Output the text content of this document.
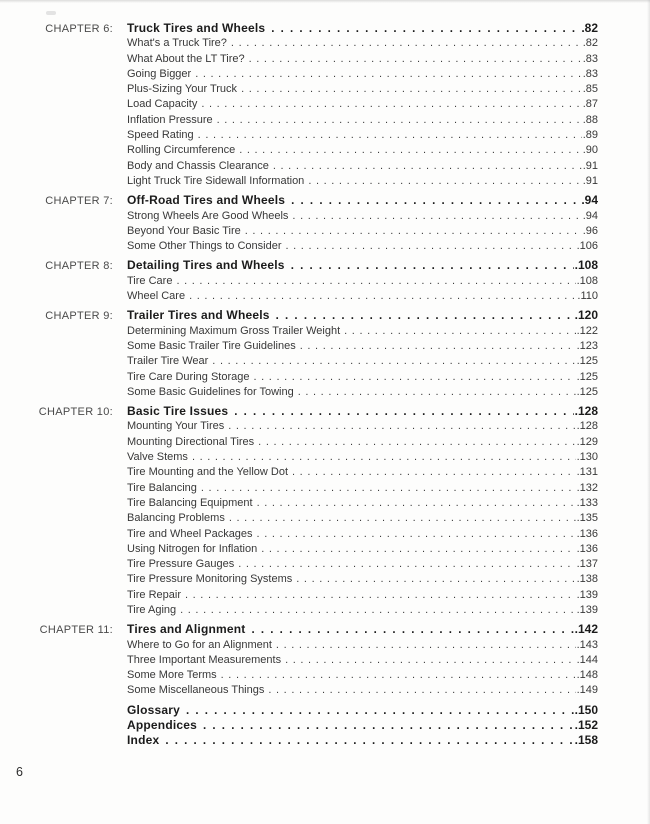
CHAPTER 6: Truck Tires and Wheels .....	.82
What's a Truck Tire? .....	.82
What About the LT Tire? .....	.83
Going Bigger .....	.83
Plus-Sizing Your Truck .....	.85
Load Capacity .....	.87
Inflation Pressure .....	.88
Speed Rating .....	.89
Rolling Circumference .....	.90
Body and Chassis Clearance .....	.91
Light Truck Tire Sidewall Information .....	.91
CHAPTER 7: Off-Road Tires and Wheels .....	.94
Strong Wheels Are Good Wheels .....	.94
Beyond Your Basic Tire .....	.96
Some Other Things to Consider .....	.106
CHAPTER 8: Detailing Tires and Wheels .....	.108
Tire Care .....	.108
Wheel Care .....	.110
CHAPTER 9: Trailer Tires and Wheels .....	.120
Determining Maximum Gross Trailer Weight .....	.122
Some Basic Trailer Tire Guidelines .....	.123
Trailer Tire Wear .....	.125
Tire Care During Storage .....	.125
Some Basic Guidelines for Towing .....	.125
CHAPTER 10: Basic Tire Issues .....	.128
Mounting Your Tires .....	.128
Mounting Directional Tires .....	.129
Valve Stems .....	.130
Tire Mounting and the Yellow Dot .....	.131
Tire Balancing .....	.132
Tire Balancing Equipment .....	.133
Balancing Problems .....	.135
Tire and Wheel Packages .....	.136
Using Nitrogen for Inflation .....	.136
Tire Pressure Gauges .....	.137
Tire Pressure Monitoring Systems .....	.138
Tire Repair .....	.139
Tire Aging .....	.139
CHAPTER 11: Tires and Alignment .....	.142
Where to Go for an Alignment .....	.143
Three Important Measurements .....	.144
Some More Terms .....	.148
Some Miscellaneous Things .....	.149
Glossary .....	.150
Appendices .....	.152
Index .....	.158
6
